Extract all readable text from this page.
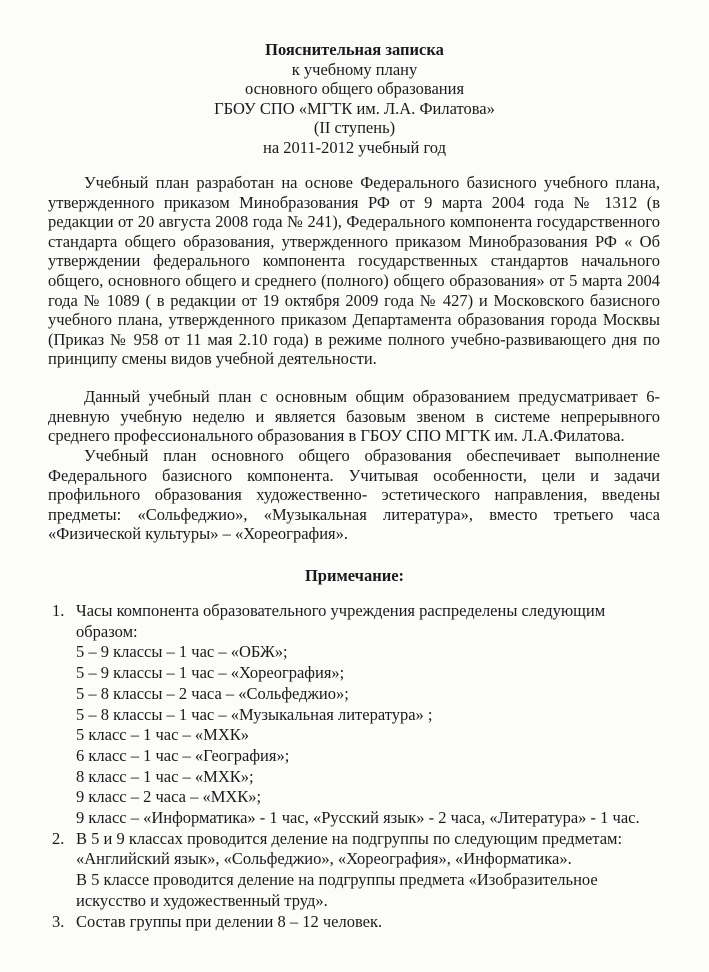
Пояснительная записка
к учебному плану
основного общего образования
ГБОУ СПО «МГТК им. Л.А. Филатова»
(II ступень)
на 2011-2012 учебный год
Учебный план разработан на основе Федерального базисного учебного плана, утвержденного приказом Минобразования РФ от 9 марта 2004 года № 1312 (в редакции от 20 августа 2008 года № 241), Федерального компонента государственного стандарта общего образования, утвержденного приказом Минобразования РФ « Об утверждении федерального компонента государственных стандартов начального общего, основного общего и среднего (полного) общего образования» от 5 марта 2004 года № 1089 ( в редакции от 19 октября 2009 года № 427) и Московского базисного учебного плана, утвержденного приказом Департамента образования города Москвы (Приказ № 958 от 11 мая 2.10 года) в режиме полного учебно-развивающего дня по принципу смены видов учебной деятельности.
Данный учебный план с основным общим образованием предусматривает 6-дневную учебную неделю и является базовым звеном в системе непрерывного среднего профессионального образования в ГБОУ СПО МГТК им. Л.А.Филатова.
Учебный план основного общего образования обеспечивает выполнение Федерального базисного компонента. Учитывая особенности, цели и задачи профильного образования художественно- эстетического направления, введены предметы: «Сольфеджио», «Музыкальная литература», вместо третьего часа «Физической культуры» – «Хореография».
Примечание:
1. Часы компонента образовательного учреждения распределены следующим
образом:
5 – 9 классы – 1 час – «ОБЖ»;
5 – 9 классы – 1 час – «Хореография»;
5 – 8 классы – 2 часа – «Сольфеджио»;
5 – 8 классы – 1 час – «Музыкальная литература» ;
5 класс – 1 час – «МХК»
6 класс – 1 час – «География»;
8 класс – 1 час – «МХК»;
9 класс – 2 часа – «МХК»;
9 класс – «Информатика» - 1 час, «Русский язык» - 2 часа, «Литература» - 1 час.
2. В 5 и 9 классах проводится деление на подгруппы по следующим предметам:
«Английский язык», «Сольфеджио», «Хореография», «Информатика».
В 5 классе проводится деление на подгруппы предмета «Изобразительное
искусство и художественный труд».
3. Состав группы при делении 8 – 12 человек.
